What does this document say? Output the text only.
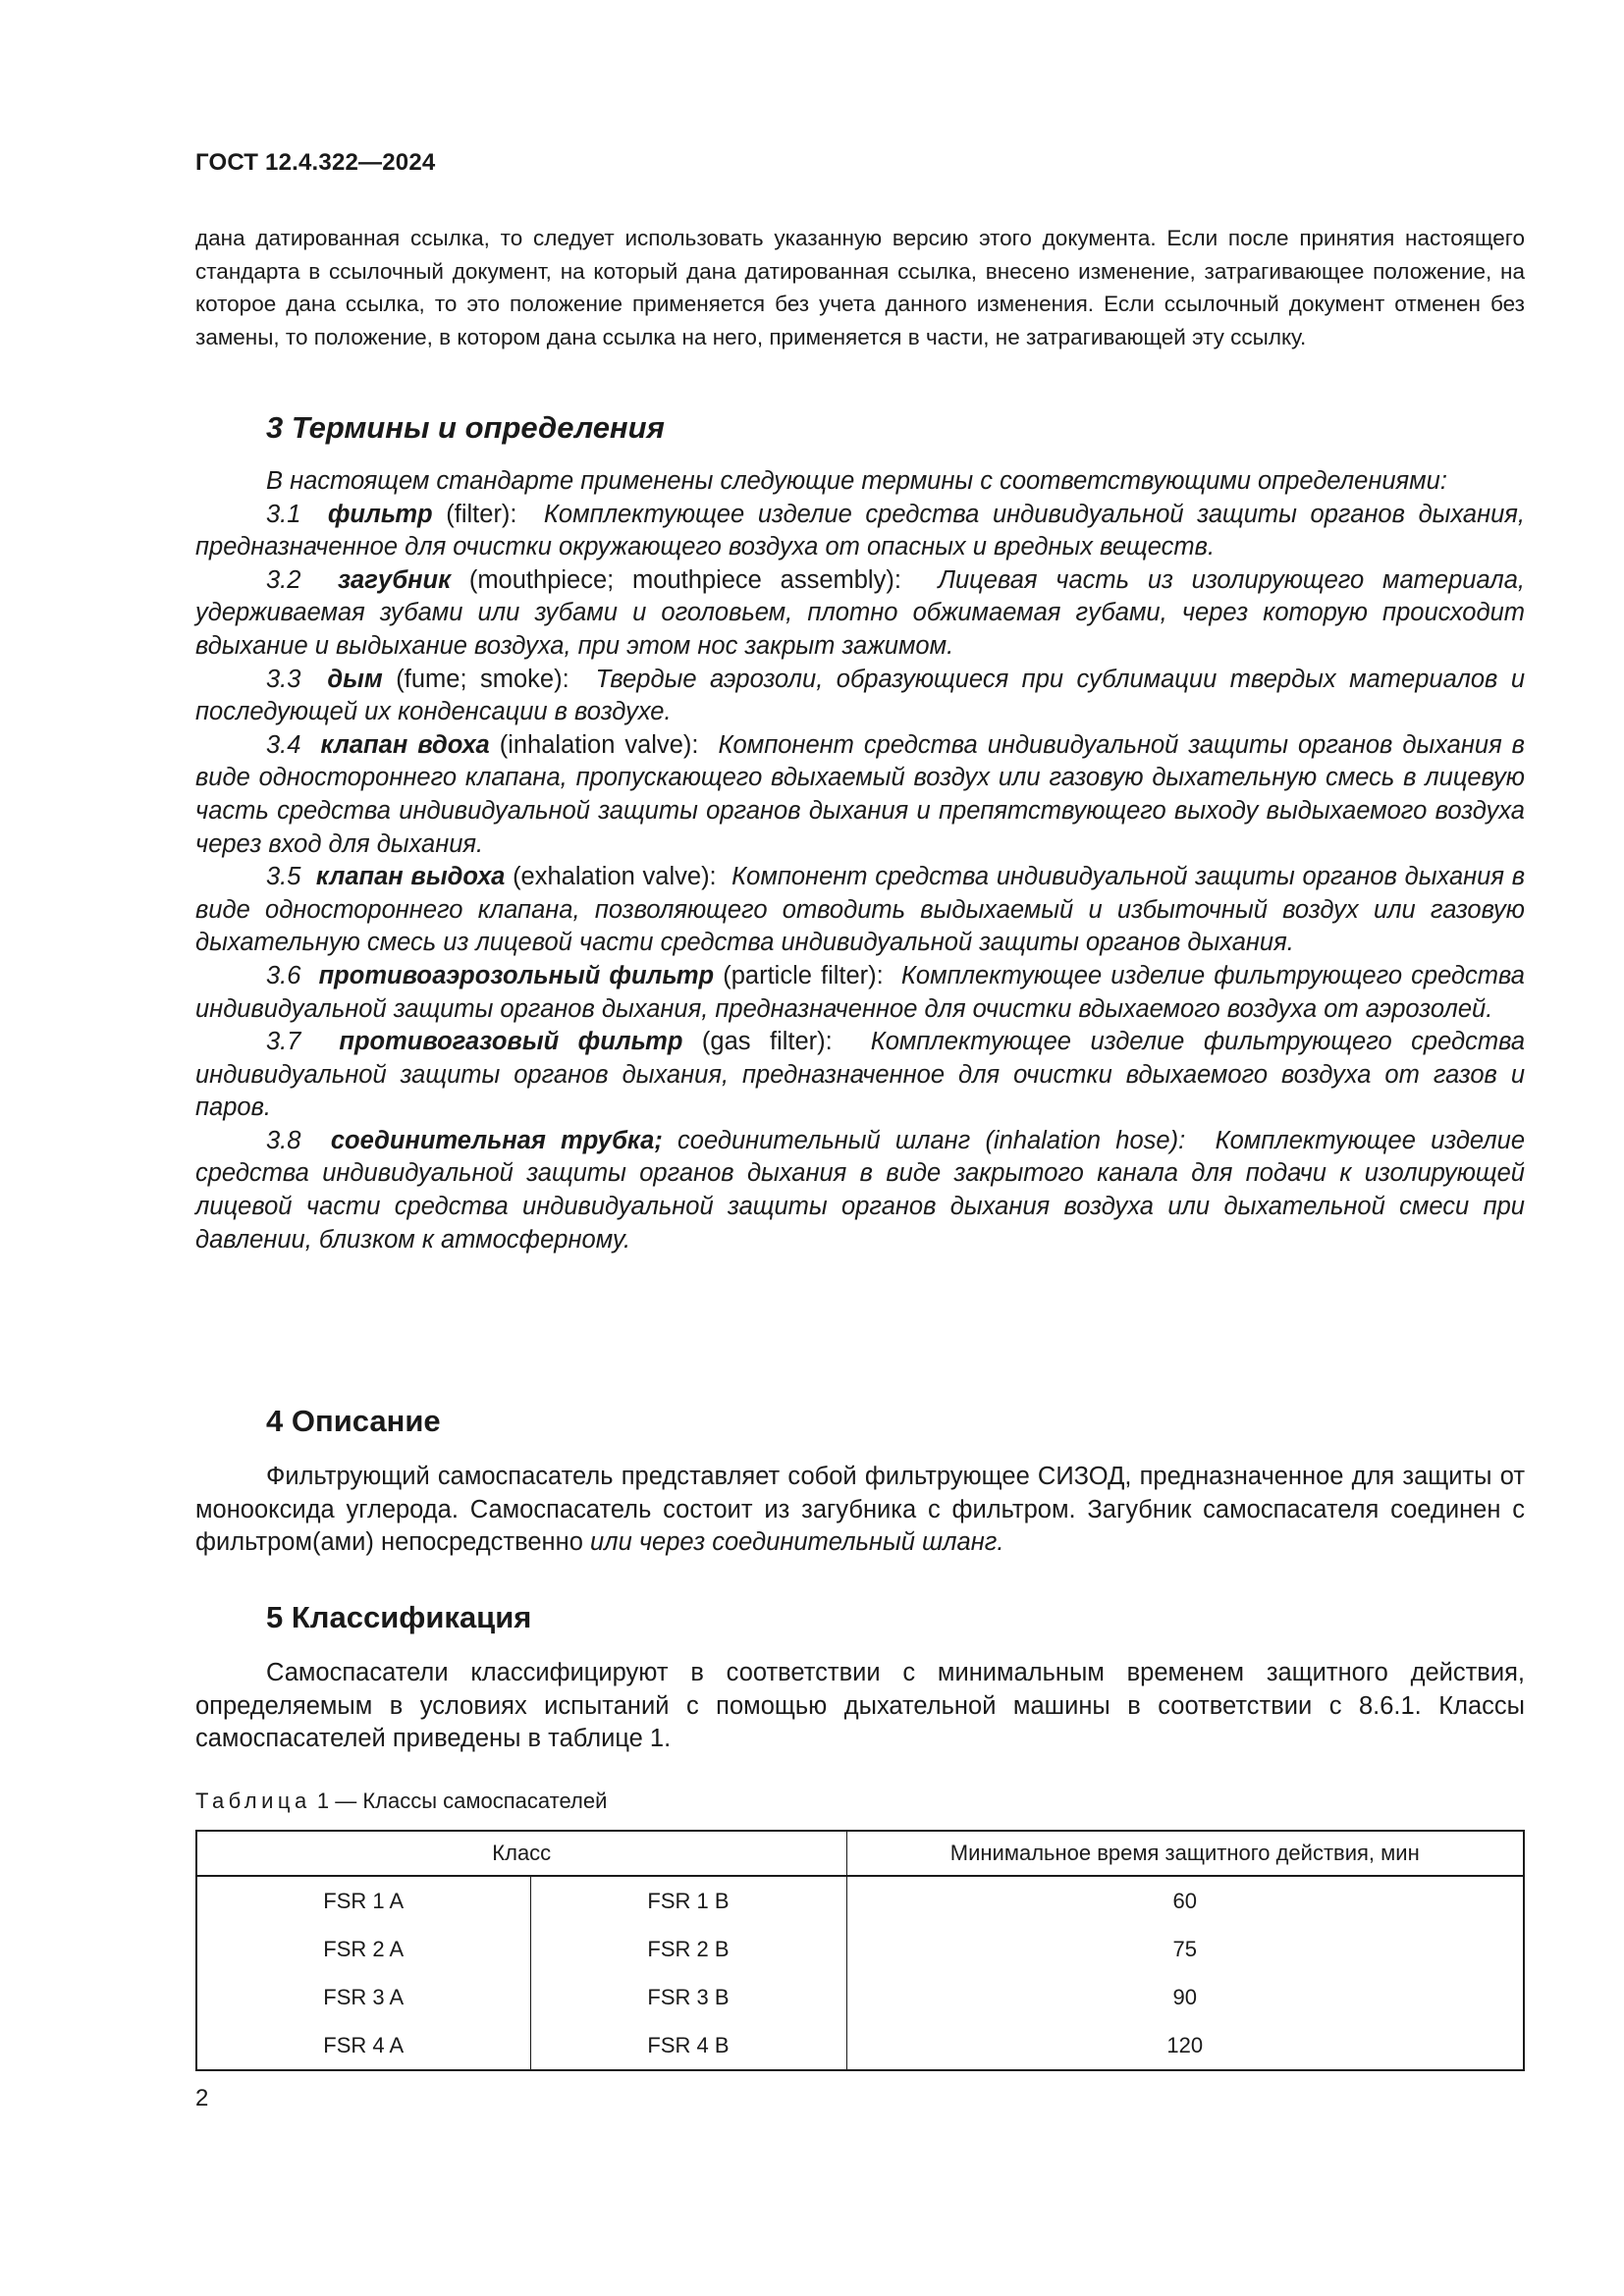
ГОСТ 12.4.322—2024

дана датированная ссылка, то следует использовать указанную версию этого документа. Если после принятия настоящего стандарта в ссылочный документ, на который дана датированная ссылка, внесено изменение, затрагивающее положение, на которое дана ссылка, то это положение применяется без учета данного изменения. Если ссылочный документ отменен без замены, то положение, в котором дана ссылка на него, применяется в части, не затрагивающей эту ссылку.

3 Термины и определения

В настоящем стандарте применены следующие термины с соответствующими определениями:

3.1 фильтр (filter): Комплектующее изделие средства индивидуальной защиты органов дыхания, предназначенное для очистки окружающего воздуха от опасных и вредных веществ.

3.2 загубник (mouthpiece; mouthpiece assembly): Лицевая часть из изолирующего материала, удерживаемая зубами или зубами и оголовьем, плотно обжимаемая губами, через которую происходит вдыхание и выдыхание воздуха, при этом нос закрыт зажимом.

3.3 дым (fume; smoke): Твердые аэрозоли, образующиеся при сублимации твердых материалов и последующей их конденсации в воздухе.

3.4 клапан вдоха (inhalation valve): Компонент средства индивидуальной защиты органов дыхания в виде одностороннего клапана, пропускающего вдыхаемый воздух или газовую дыхательную смесь в лицевую часть средства индивидуальной защиты органов дыхания и препятствующего выходу выдыхаемого воздуха через вход для дыхания.

3.5 клапан выдоха (exhalation valve): Компонент средства индивидуальной защиты органов дыхания в виде одностороннего клапана, позволяющего отводить выдыхаемый и избыточный воздух или газовую дыхательную смесь из лицевой части средства индивидуальной защиты органов дыхания.

3.6 противоаэрозольный фильтр (particle filter): Комплектующее изделие фильтрующего средства индивидуальной защиты органов дыхания, предназначенное для очистки вдыхаемого воздуха от аэрозолей.

3.7 противогазовый фильтр (gas filter): Комплектующее изделие фильтрующего средства индивидуальной защиты органов дыхания, предназначенное для очистки вдыхаемого воздуха от газов и паров.

3.8 соединительная трубка; соединительный шланг (inhalation hose): Комплектующее изделие средства индивидуальной защиты органов дыхания в виде закрытого канала для подачи к изолирующей лицевой части средства индивидуальной защиты органов дыхания воздуха или дыхательной смеси при давлении, близком к атмосферному.

4 Описание

Фильтрующий самоспасатель представляет собой фильтрующее СИЗОД, предназначенное для защиты от монооксида углерода. Самоспасатель состоит из загубника с фильтром. Загубник самоспасателя соединен с фильтром(ами) непосредственно или через соединительный шланг.

5 Классификация

Самоспасатели классифицируют в соответствии с минимальным временем защитного действия, определяемым в условиях испытаний с помощью дыхательной машины в соответствии с 8.6.1. Классы самоспасателей приведены в таблице 1.

Таблица 1 — Классы самоспасателей
Класс		Минимальное время защитного действия, мин
FSR 1 A	FSR 1 B	60
FSR 2 A	FSR 2 B	75
FSR 3 A	FSR 3 B	90
FSR 4 A	FSR 4 B	120
2
